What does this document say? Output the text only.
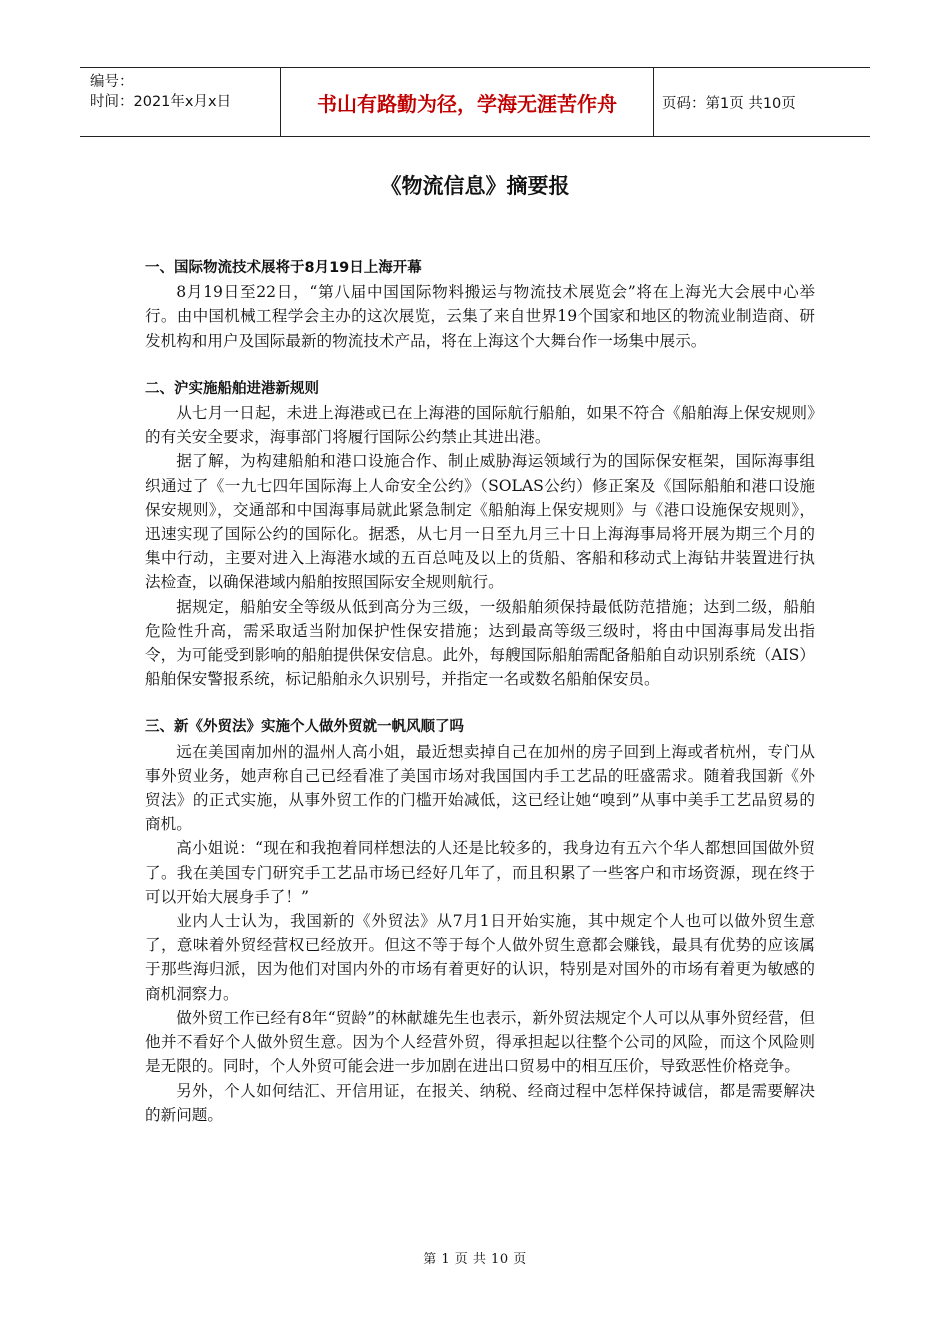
编号：
时间：2021年x月x日	书山有路勤为径，学海无涯苦作舟	页码：第1页 共10页
《物流信息》摘要报

一、国际物流技术展将于8月19日上海开幕

8月19日至22日，“第八届中国国际物料搬运与物流技术展览会”将在上海光大会展中心举行。由中国机械工程学会主办的这次展览，云集了来自世界19个国家和地区的物流业制造商、研发机构和用户及国际最新的物流技术产品，将在上海这个大舞台作一场集中展示。

二、沪实施船舶进港新规则

从七月一日起，未进上海港或已在上海港的国际航行船舶，如果不符合《船舶海上保安规则》的有关安全要求，海事部门将履行国际公约禁止其进出港。

据了解，为构建船舶和港口设施合作、制止威胁海运领域行为的国际保安框架，国际海事组织通过了《一九七四年国际海上人命安全公约》（SOLAS公约）修正案及《国际船舶和港口设施保安规则》，交通部和中国海事局就此紧急制定《船舶海上保安规则》与《港口设施保安规则》，迅速实现了国际公约的国际化。据悉，从七月一日至九月三十日上海海事局将开展为期三个月的集中行动，主要对进入上海港水域的五百总吨及以上的货船、客船和移动式上海钻井装置进行执法检查，以确保港域内船舶按照国际安全规则航行。

据规定，船舶安全等级从低到高分为三级，一级船舶须保持最低防范措施；达到二级，船舶危险性升高，需采取适当附加保护性保安措施；达到最高等级三级时，将由中国海事局发出指令，为可能受到影响的船舶提供保安信息。此外，每艘国际船舶需配备船舶自动识别系统（AIS）船舶保安警报系统，标记船舶永久识别号，并指定一名或数名船舶保安员。

三、新《外贸法》实施个人做外贸就一帆风顺了吗

远在美国南加州的温州人高小姐，最近想卖掉自己在加州的房子回到上海或者杭州，专门从事外贸业务，她声称自己已经看准了美国市场对我国国内手工艺品的旺盛需求。随着我国新《外贸法》的正式实施，从事外贸工作的门槛开始减低，这已经让她“嗅到”从事中美手工艺品贸易的商机。

高小姐说：“现在和我抱着同样想法的人还是比较多的，我身边有五六个华人都想回国做外贸了。我在美国专门研究手工艺品市场已经好几年了，而且积累了一些客户和市场资源，现在终于可以开始大展身手了！”

业内人士认为，我国新的《外贸法》从7月1日开始实施，其中规定个人也可以做外贸生意了，意味着外贸经营权已经放开。但这不等于每个人做外贸生意都会赚钱，最具有优势的应该属于那些海归派，因为他们对国内外的市场有着更好的认识，特别是对国外的市场有着更为敏感的商机洞察力。

做外贸工作已经有8年“贸龄”的林献雄先生也表示，新外贸法规定个人可以从事外贸经营，但他并不看好个人做外贸生意。因为个人经营外贸，得承担起以往整个公司的风险，而这个风险则是无限的。同时，个人外贸可能会进一步加剧在进出口贸易中的相互压价，导致恶性价格竞争。

另外，个人如何结汇、开信用证，在报关、纳税、经商过程中怎样保持诚信，都是需要解决的新问题。

第 1 页 共 10 页
